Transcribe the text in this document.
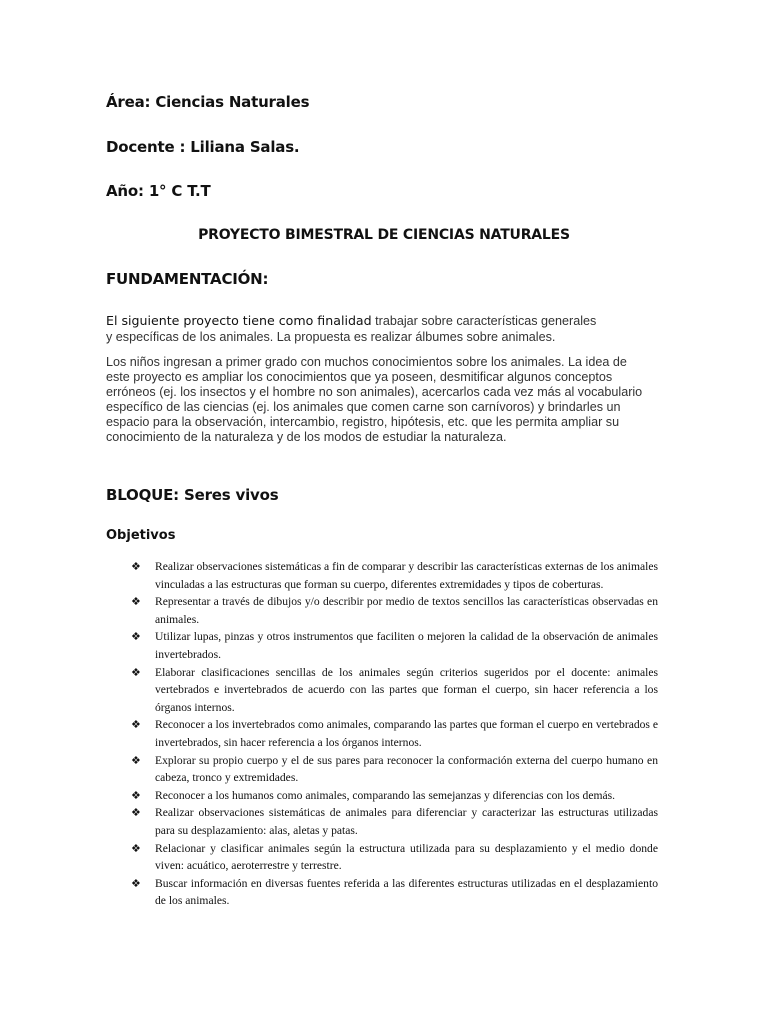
Área: Ciencias Naturales
Docente : Liliana Salas.
Año: 1° C T.T
PROYECTO BIMESTRAL DE CIENCIAS NATURALES
FUNDAMENTACIÓN:
El siguiente proyecto tiene como finalidad trabajar sobre características generales y específicas de los animales. La propuesta es realizar álbumes sobre animales.
Los niños ingresan a primer grado con muchos conocimientos sobre los animales. La idea de este proyecto es ampliar los conocimientos que ya poseen, desmitificar algunos conceptos erróneos (ej. los insectos y el hombre no son animales), acercarlos cada vez más al vocabulario específico de las ciencias (ej. los animales que comen carne son carnívoros) y brindarles un espacio para la observación, intercambio, registro, hipótesis, etc. que les permita ampliar su conocimiento de la naturaleza y de los modos de estudiar la naturaleza.
BLOQUE: Seres vivos
Objetivos
❖ Realizar observaciones sistemáticas a fin de comparar y describir las características externas de los animales vinculadas a las estructuras que forman su cuerpo, diferentes extremidades y tipos de coberturas.
❖ Representar a través de dibujos y/o describir por medio de textos sencillos las características observadas en animales.
❖ Utilizar lupas, pinzas y otros instrumentos que faciliten o mejoren la calidad de la observación de animales invertebrados.
❖ Elaborar clasificaciones sencillas de los animales según criterios sugeridos por el docente: animales vertebrados e invertebrados de acuerdo con las partes que forman el cuerpo, sin hacer referencia a los órganos internos.
❖ Reconocer a los invertebrados como animales, comparando las partes que forman el cuerpo en vertebrados e invertebrados, sin hacer referencia a los órganos internos.
❖ Explorar su propio cuerpo y el de sus pares para reconocer la conformación externa del cuerpo humano en cabeza, tronco y extremidades.
❖ Reconocer a los humanos como animales, comparando las semejanzas y diferencias con los demás.
❖ Realizar observaciones sistemáticas de animales para diferenciar y caracterizar las estructuras utilizadas para su desplazamiento: alas, aletas y patas.
❖ Relacionar y clasificar animales según la estructura utilizada para su desplazamiento y el medio donde viven: acuático, aeroterrestre y terrestre.
❖ Buscar información en diversas fuentes referida a las diferentes estructuras utilizadas en el desplazamiento de los animales.
